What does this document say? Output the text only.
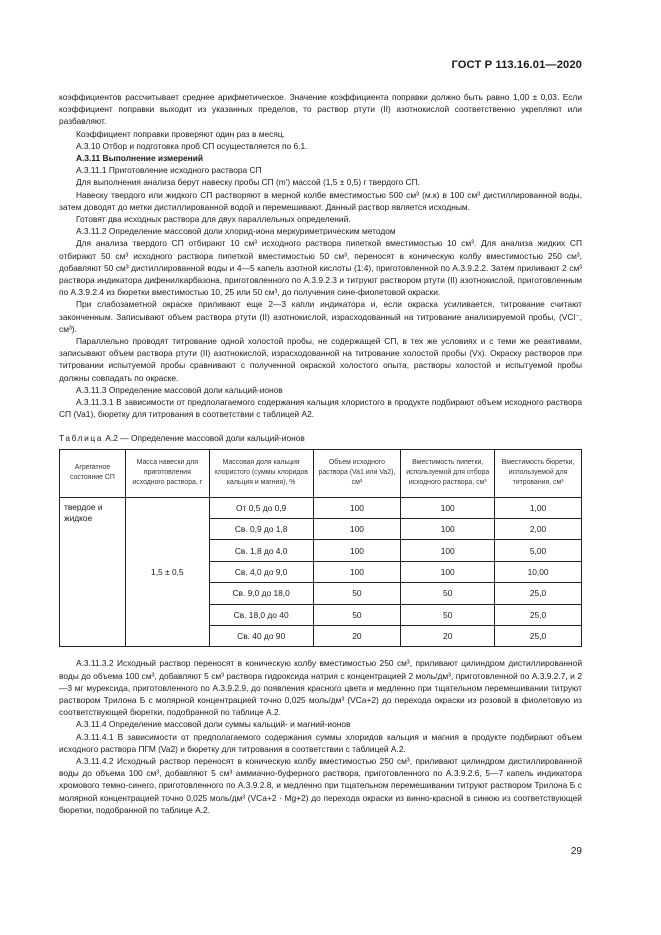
ГОСТ Р 113.16.01—2020

коэффициентов рассчитывает среднее арифметическое. Значение коэффициента поправки должно быть равно 1,00 ± 0,03. Если коэффициент поправки выходит из указанных пределов, то раствор ртути (II) азотнокислой соответственно укрепляют или разбавляют.

Коэффициент поправки проверяют один раз в месяц.

А.3.10 Отбор и подготовка проб СП осуществляется по 6.1.

А.3.11 Выполнение измерений

А.3.11.1 Приготовление исходного раствора СП

Для выполнения анализа берут навеску пробы СП (m') массой (1,5 ± 0,5) г твердого СП.

Навеску твердого или жидкого СП растворяют в мерной колбе вместимостью 500 см³ (м.к) в 100 см³ дистиллированной воды, затем доводят до метки дистиллированной водой и перемешивают. Данный раствор является исходным.

Готовят два исходных раствора для двух параллельных определений.

А.3.11.2 Определение массовой доли хлорид-иона меркуриметрическим методом

Для анализа твердого СП отбирают 10 см³ исходного раствора пипеткой вместимостью 10 см³. Для анализа жидких СП отбирают 50 см³ исходного раствора пипеткой вместимостью 50 см³, переносят в коническую колбу вместимостью 250 см³, добавляют 50 см³ дистиллированной воды и 4—5 капель азотной кислоты (1:4), приготовленной по А.3.9.2.2. Затем приливают 2 см³ раствора индикатора дифенилкарбазона, приготовленного по А.3.9.2.3 и титруют раствором ртути (II) азотнокислой, приготовленным по А.3.9.2.4 из бюретки вместимостью 10, 25 или 50 см³, до получения сине-фиолетовой окраски.

При слабозаметной окраске приливают еще 2—3 капли индикатора и, если окраска усиливается, титрование считают законченным. Записывают объем раствора ртути (II) азотнокислой, израсходованный на титрование анализируемой пробы, (VCl⁻, см³).

Параллельно проводят титрование одной холостой пробы, не содержащей СП, в тех же условиях и с теми же реактивами, записывают объем раствора ртути (II) азотнокислой, израсходованной на титрование холостой пробы (Vx). Окраску растворов при титровании испытуемой пробы сравнивают с полученной окраской холостого опыта, растворы холостой и испытуемой пробы должны совпадать по окраске.

А.3.11.3 Определение массовой доли кальций-ионов

А.3.11.3.1 В зависимости от предполагаемого содержания кальция хлористого в продукте подбирают объем исходного раствора СП (Va1), бюретку для титрования в соответствии с таблицей А2.

Таблица А.2 — Определение массовой доли кальций-ионов
Агрегатное состояние СП	Масса навески для приготовления исходного раствора, г	Массовая доля кальция хлористого (суммы хлоридов кальция и магния), %	Объем исходного раствора (Va1 или Va2), см³	Вместимость пипетки, используемой для отбора исходного раствора, см³	Вместимость бюретки, используемой для титрования, см³
твердое и жидкое	1,5 ± 0,5	От 0,5 до 0,9	100	100	1,00
		Св. 0,9 до 1,8	100	100	2,00
		Св. 1,8 до 4,0	100	100	5,00
		Св. 4,0 до 9,0	100	100	10,00
		Св. 9,0 до 18,0	50	50	25,0
		Св. 18,0 до 40	50	50	25,0
		Св. 40 до 90	20	20	25,0

А.3.11.3.2 Исходный раствор переносят в коническую колбу вместимостью 250 см³, приливают цилиндром дистиллированной воды до объема 100 см³, добавляют 5 см³ раствора гидроксида натрия с концентрацией 2 моль/дм³, приготовленной по А.3.9.2.7, и 2—3 мг мурексида, приготовленного по А.3.9.2.9, до появления красного цвета и медленно при тщательном перемешивании титруют раствором Трилона Б с молярной концентрацией точно 0,025 моль/дм³ (VCa+2) до перехода окраски из розовой в фиолетовую из соответствующей бюретки, подобранной по таблице А.2.

А.3.11.4 Определение массовой доли суммы кальций- и магний-ионов

А.3.11.4.1 В зависимости от предполагаемого содержания суммы хлоридов кальция и магния в продукте подбирают объем исходного раствора ПГМ (Va2) и бюретку для титрования в соответствии с таблицей А.2.

А.3.11.4.2 Исходный раствор переносят в коническую колбу вместимостью 250 см³, приливают цилиндром дистиллированной воды до объема 100 см³, добавляют 5 см³ аммиачно-буферного раствора, приготовленного по А.3.9.2.6, 5—7 капель индикатора хромового темно-синего, приготовленного по А.3.9.2.8, и медленно при тщательном перемешивании титруют раствором Трилона Б с молярной концентрацией точно 0,025 моль/дм³ (VCa+2 · Mg+2) до перехода окраски из винно-красной в синюю из соответствующей бюретки, подобранной по таблице А.2.

29
